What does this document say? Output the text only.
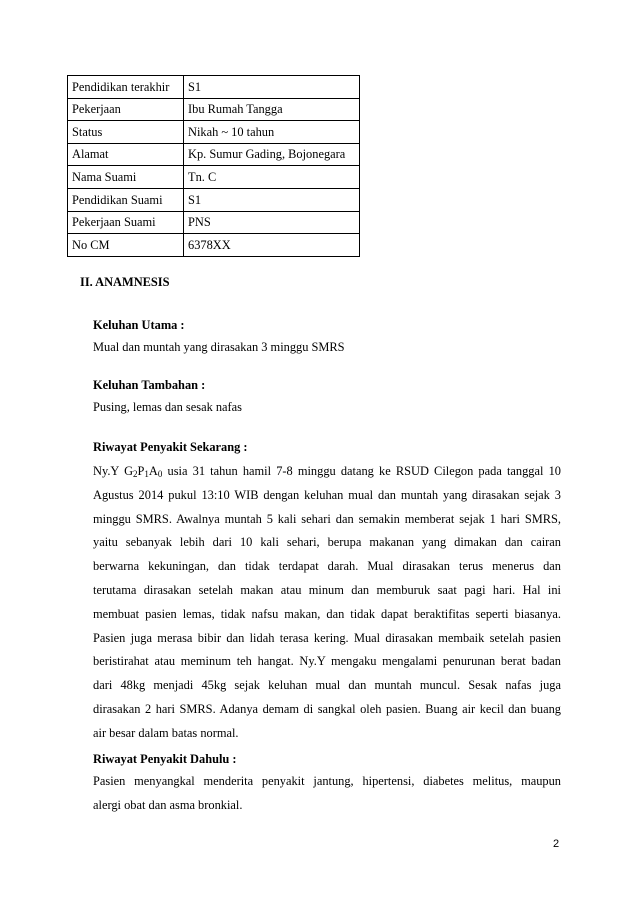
Pendidikan terakhir	S1
Pekerjaan	Ibu Rumah Tangga
Status	Nikah ~ 10 tahun
Alamat	Kp. Sumur Gading, Bojonegara
Nama Suami	Tn. C
Pendidikan Suami	S1
Pekerjaan Suami	PNS
No CM	6378XX
II. ANAMNESIS
Keluhan Utama :
Mual dan muntah yang dirasakan 3 minggu SMRS
Keluhan Tambahan :
Pusing, lemas dan sesak nafas
Riwayat Penyakit Sekarang :
Ny.Y $G_2P_1A_0$ usia 31 tahun hamil 7-8 minggu datang ke RSUD Cilegon pada tanggal 10
Agustus 2014 pukul 13:10 WIB dengan keluhan mual dan muntah yang dirasakan sejak 3
minggu SMRS. Awalnya muntah 5 kali sehari dan semakin memberat sejak 1 hari SMRS,
yaitu sebanyak lebih dari 10 kali sehari, berupa makanan yang dimakan dan cairan
berwarna kekuningan, dan tidak terdapat darah. Mual dirasakan terus menerus dan
terutama dirasakan setelah makan atau minum dan memburuk saat pagi hari. Hal ini
membuat pasien lemas, tidak nafsu makan, dan tidak dapat beraktifitas seperti biasanya.
Pasien juga merasa bibir dan lidah terasa kering. Mual dirasakan membaik setelah pasien
beristirahat atau meminum teh hangat. Ny.Y mengaku mengalami penurunan berat badan
dari 48kg menjadi 45kg sejak keluhan mual dan muntah muncul. Sesak nafas juga
dirasakan 2 hari SMRS. Adanya demam di sangkal oleh pasien. Buang air kecil dan buang
air besar dalam batas normal.
Riwayat Penyakit Dahulu :
Pasien menyangkal menderita penyakit jantung, hipertensi, diabetes melitus, maupun
alergi obat dan asma bronkial.
2
